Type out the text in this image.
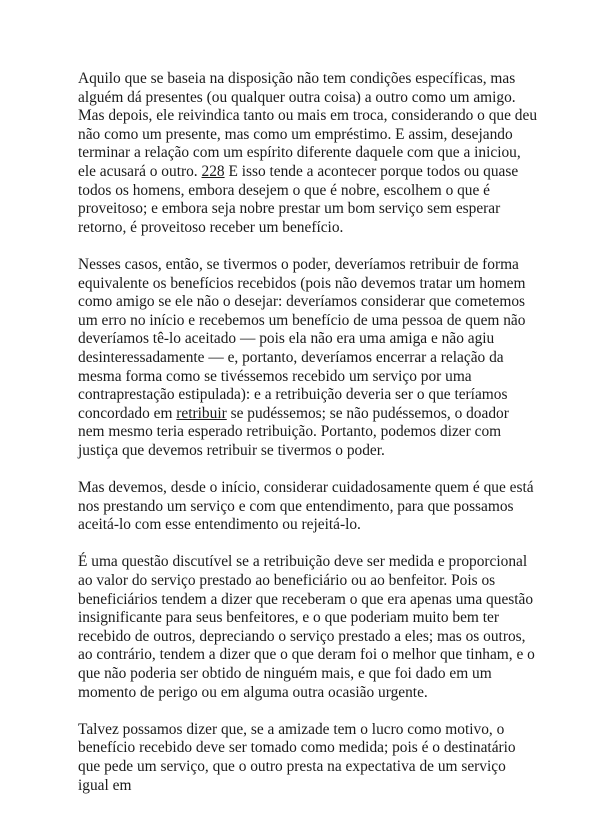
Aquilo que se baseia na disposição não tem condições específicas, mas alguém dá presentes (ou qualquer outra coisa) a outro como um amigo. Mas depois, ele reivindica tanto ou mais em troca, considerando o que deu não como um presente, mas como um empréstimo. E assim, desejando terminar a relação com um espírito diferente daquele com que a iniciou, ele acusará o outro. 228 E isso tende a acontecer porque todos ou quase todos os homens, embora desejem o que é nobre, escolhem o que é proveitoso; e embora seja nobre prestar um bom serviço sem esperar retorno, é proveitoso receber um benefício.

Nesses casos, então, se tivermos o poder, deveríamos retribuir de forma equivalente os benefícios recebidos (pois não devemos tratar um homem como amigo se ele não o desejar: deveríamos considerar que cometemos um erro no início e recebemos um benefício de uma pessoa de quem não deveríamos tê-lo aceitado — pois ela não era uma amiga e não agiu desinteressadamente — e, portanto, deveríamos encerrar a relação da mesma forma como se tivéssemos recebido um serviço por uma contraprestação estipulada): e a retribuição deveria ser o que teríamos concordado em retribuir se pudéssemos; se não pudéssemos, o doador nem mesmo teria esperado retribuição. Portanto, podemos dizer com justiça que devemos retribuir se tivermos o poder.

Mas devemos, desde o início, considerar cuidadosamente quem é que está nos prestando um serviço e com que entendimento, para que possamos aceitá-lo com esse entendimento ou rejeitá-lo.

É uma questão discutível se a retribuição deve ser medida e proporcional ao valor do serviço prestado ao beneficiário ou ao benfeitor. Pois os beneficiários tendem a dizer que receberam o que era apenas uma questão insignificante para seus benfeitores, e o que poderiam muito bem ter recebido de outros, depreciando o serviço prestado a eles; mas os outros, ao contrário, tendem a dizer que o que deram foi o melhor que tinham, e o que não poderia ser obtido de ninguém mais, e que foi dado em um momento de perigo ou em alguma outra ocasião urgente.

Talvez possamos dizer que, se a amizade tem o lucro como motivo, o benefício recebido deve ser tomado como medida; pois é o destinatário que pede um serviço, que o outro presta na expectativa de um serviço igual em
